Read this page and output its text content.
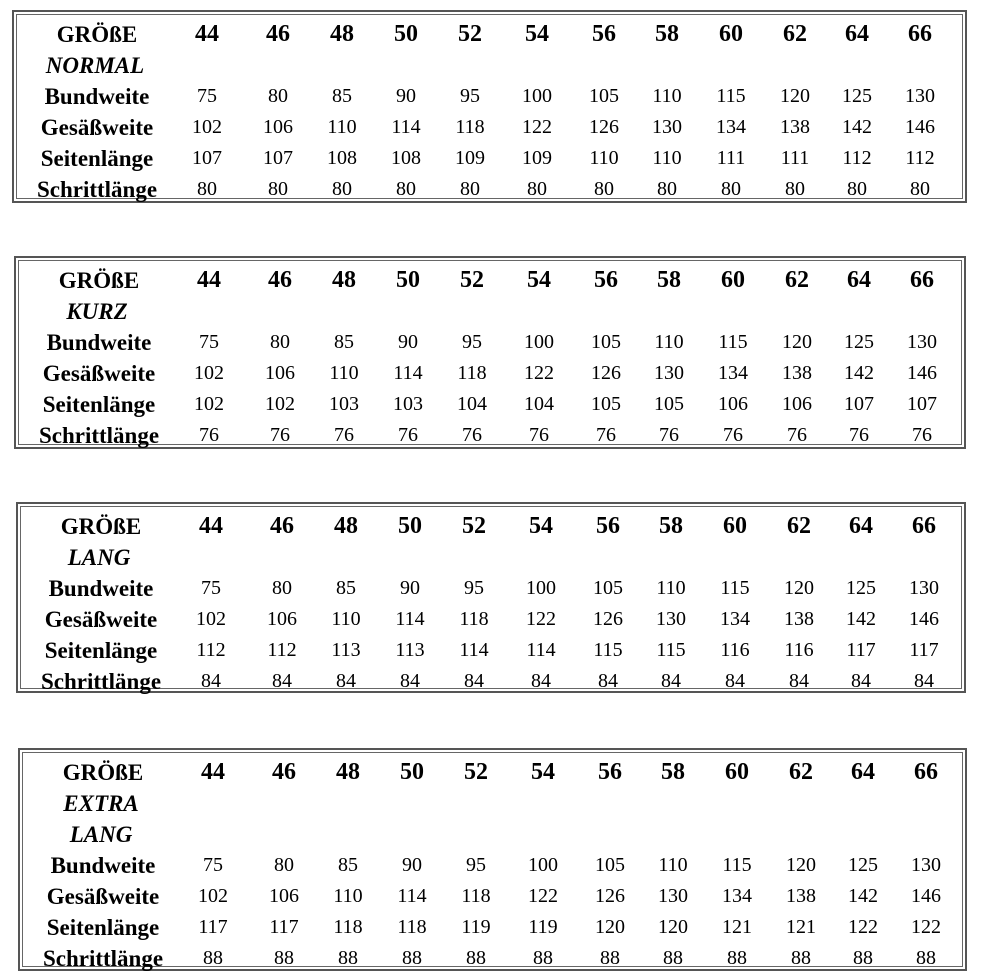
GRÖßE	44	46	48	50	52	54	56	58	60	62	64	66
NORMAL
Bundweite	75	80	85	90	95	100	105	110	115	120	125	130
Gesäßweite	102	106	110	114	118	122	126	130	134	138	142	146
Seitenlänge	107	107	108	108	109	109	110	110	111	111	112	112
Schrittlänge	80	80	80	80	80	80	80	80	80	80	80	80
GRÖßE	44	46	48	50	52	54	56	58	60	62	64	66
KURZ
Bundweite	75	80	85	90	95	100	105	110	115	120	125	130
Gesäßweite	102	106	110	114	118	122	126	130	134	138	142	146
Seitenlänge	102	102	103	103	104	104	105	105	106	106	107	107
Schrittlänge	76	76	76	76	76	76	76	76	76	76	76	76
GRÖßE	44	46	48	50	52	54	56	58	60	62	64	66
LANG
Bundweite	75	80	85	90	95	100	105	110	115	120	125	130
Gesäßweite	102	106	110	114	118	122	126	130	134	138	142	146
Seitenlänge	112	112	113	113	114	114	115	115	116	116	117	117
Schrittlänge	84	84	84	84	84	84	84	84	84	84	84	84
GRÖßE	44	46	48	50	52	54	56	58	60	62	64	66
EXTRA
LANG
Bundweite	75	80	85	90	95	100	105	110	115	120	125	130
Gesäßweite	102	106	110	114	118	122	126	130	134	138	142	146
Seitenlänge	117	117	118	118	119	119	120	120	121	121	122	122
Schrittlänge	88	88	88	88	88	88	88	88	88	88	88	88
